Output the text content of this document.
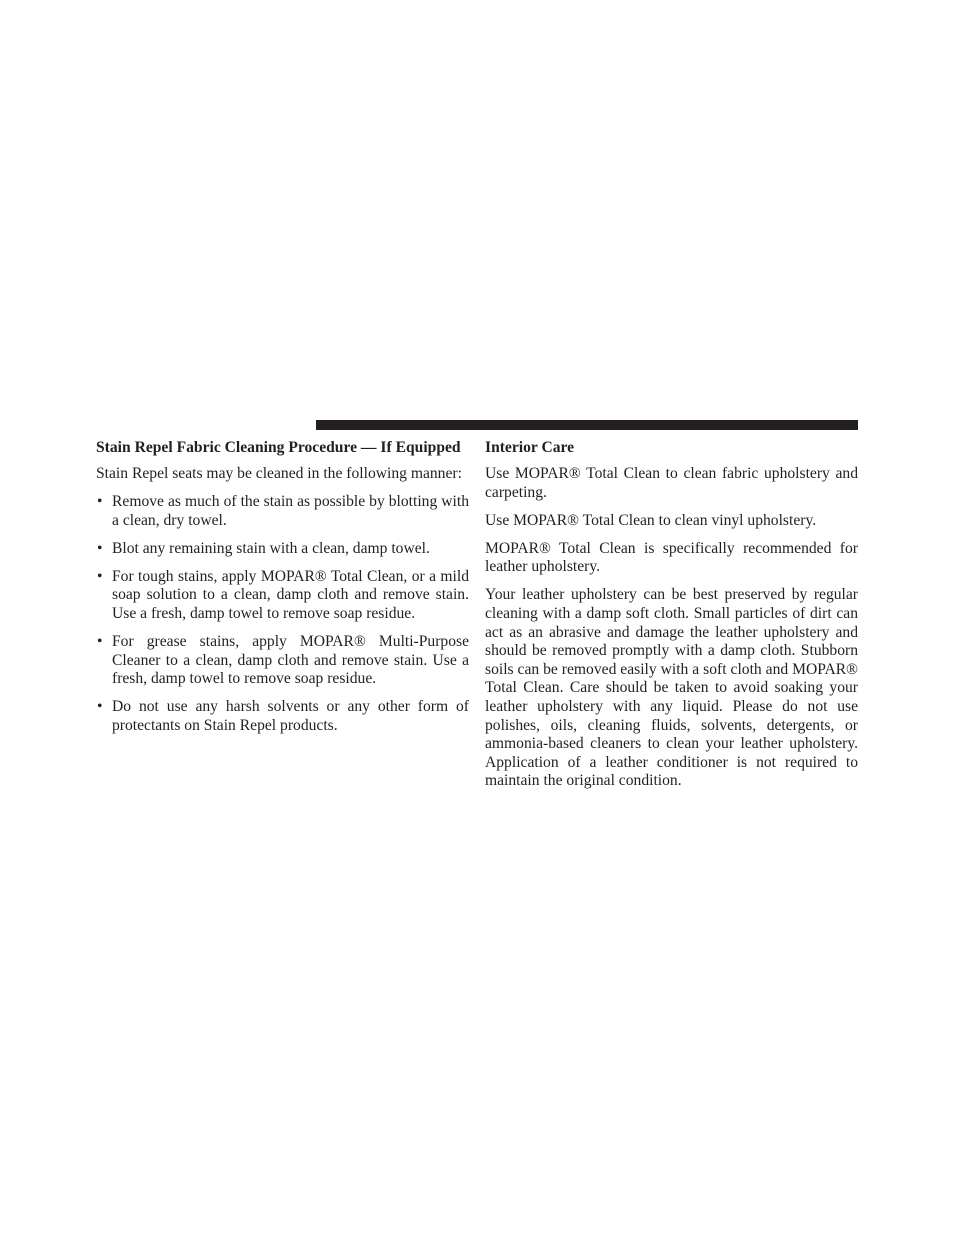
Stain Repel Fabric Cleaning Procedure — If Equipped

Stain Repel seats may be cleaned in the following manner:

• Remove as much of the stain as possible by blotting with a clean, dry towel.
• Blot any remaining stain with a clean, damp towel.
• For tough stains, apply MOPAR® Total Clean, or a mild soap solution to a clean, damp cloth and remove stain. Use a fresh, damp towel to remove soap residue.
• For grease stains, apply MOPAR® Multi-Purpose Cleaner to a clean, damp cloth and remove stain. Use a fresh, damp towel to remove soap residue.
• Do not use any harsh solvents or any other form of protectants on Stain Repel products.
Interior Care

Use MOPAR® Total Clean to clean fabric upholstery and carpeting.

Use MOPAR® Total Clean to clean vinyl upholstery.

MOPAR® Total Clean is specifically recommended for leather upholstery.

Your leather upholstery can be best preserved by regular cleaning with a damp soft cloth. Small particles of dirt can act as an abrasive and damage the leather upholstery and should be removed promptly with a damp cloth. Stubborn soils can be removed easily with a soft cloth and MOPAR® Total Clean. Care should be taken to avoid soaking your leather upholstery with any liquid. Please do not use polishes, oils, cleaning fluids, solvents, detergents, or ammonia-based cleaners to clean your leather upholstery. Application of a leather conditioner is not required to maintain the original condition.
